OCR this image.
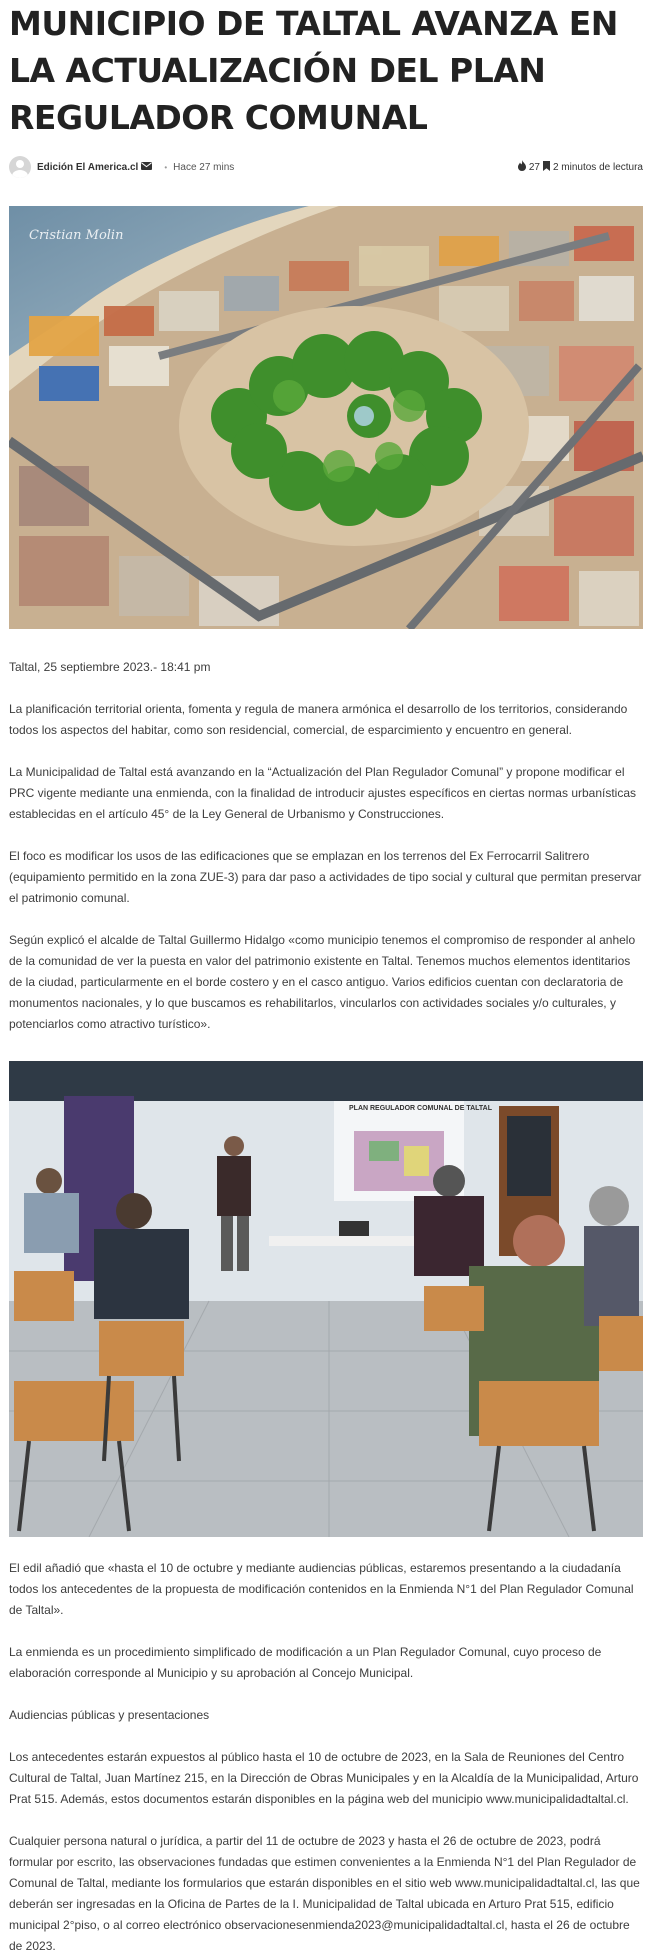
MUNICIPIO DE TALTAL AVANZA EN LA ACTUALIZACIÓN DEL PLAN REGULADOR COMUNAL
Edición El America.cl	• Hace 27 mins	27 2 minutos de lectura
Cristian Molin

Taltal, 25 septiembre 2023.- 18:41 pm

La planificación territorial orienta, fomenta y regula de manera armónica el desarrollo de los territorios, considerando todos los aspectos del habitar, como son residencial, comercial, de esparcimiento y encuentro en general.

La Municipalidad de Taltal está avanzando en la “Actualización del Plan Regulador Comunal” y propone modificar el PRC vigente mediante una enmienda, con la finalidad de introducir ajustes específicos en ciertas normas urbanísticas establecidas en el artículo 45° de la Ley General de Urbanismo y Construcciones.

El foco es modificar los usos de las edificaciones que se emplazan en los terrenos del Ex Ferrocarril Salitrero (equipamiento permitido en la zona ZUE-3) para dar paso a actividades de tipo social y cultural que permitan preservar el patrimonio comunal.

Según explicó el alcalde de Taltal Guillermo Hidalgo «como municipio tenemos el compromiso de responder al anhelo de la comunidad de ver la puesta en valor del patrimonio existente en Taltal. Tenemos muchos elementos identitarios de la ciudad, particularmente en el borde costero y en el casco antiguo. Varios edificios cuentan con declaratoria de monumentos nacionales, y lo que buscamos es rehabilitarlos, vincularlos con actividades sociales y/o culturales, y potenciarlos como atractivo turístico».

PLAN REGULADOR COMUNAL DE TALTAL

El edil añadió que «hasta el 10 de octubre y mediante audiencias públicas, estaremos presentando a la ciudadanía todos los antecedentes de la propuesta de modificación contenidos en la Enmienda N°1 del Plan Regulador Comunal de Taltal».

La enmienda es un procedimiento simplificado de modificación a un Plan Regulador Comunal, cuyo proceso de elaboración corresponde al Municipio y su aprobación al Concejo Municipal.

Audiencias públicas y presentaciones

Los antecedentes estarán expuestos al público hasta el 10 de octubre de 2023, en la Sala de Reuniones del Centro Cultural de Taltal, Juan Martínez 215, en la Dirección de Obras Municipales y en la Alcaldía de la Municipalidad, Arturo Prat 515. Además, estos documentos estarán disponibles en la página web del municipio www.municipalidadtaltal.cl.

Cualquier persona natural o jurídica, a partir del 11 de octubre de 2023 y hasta el 26 de octubre de 2023, podrá formular por escrito, las observaciones fundadas que estimen convenientes a la Enmienda N°1 del Plan Regulador de Comunal de Taltal, mediante los formularios que estarán disponibles en el sitio web www.municipalidadtaltal.cl, las que deberán ser ingresadas en la Oficina de Partes de la I. Municipalidad de Taltal ubicada en Arturo Prat 515, edificio municipal 2°piso, o al correo electrónico observacionesenmienda2023@municipalidadtaltal.cl, hasta el 26 de octubre de 2023.
